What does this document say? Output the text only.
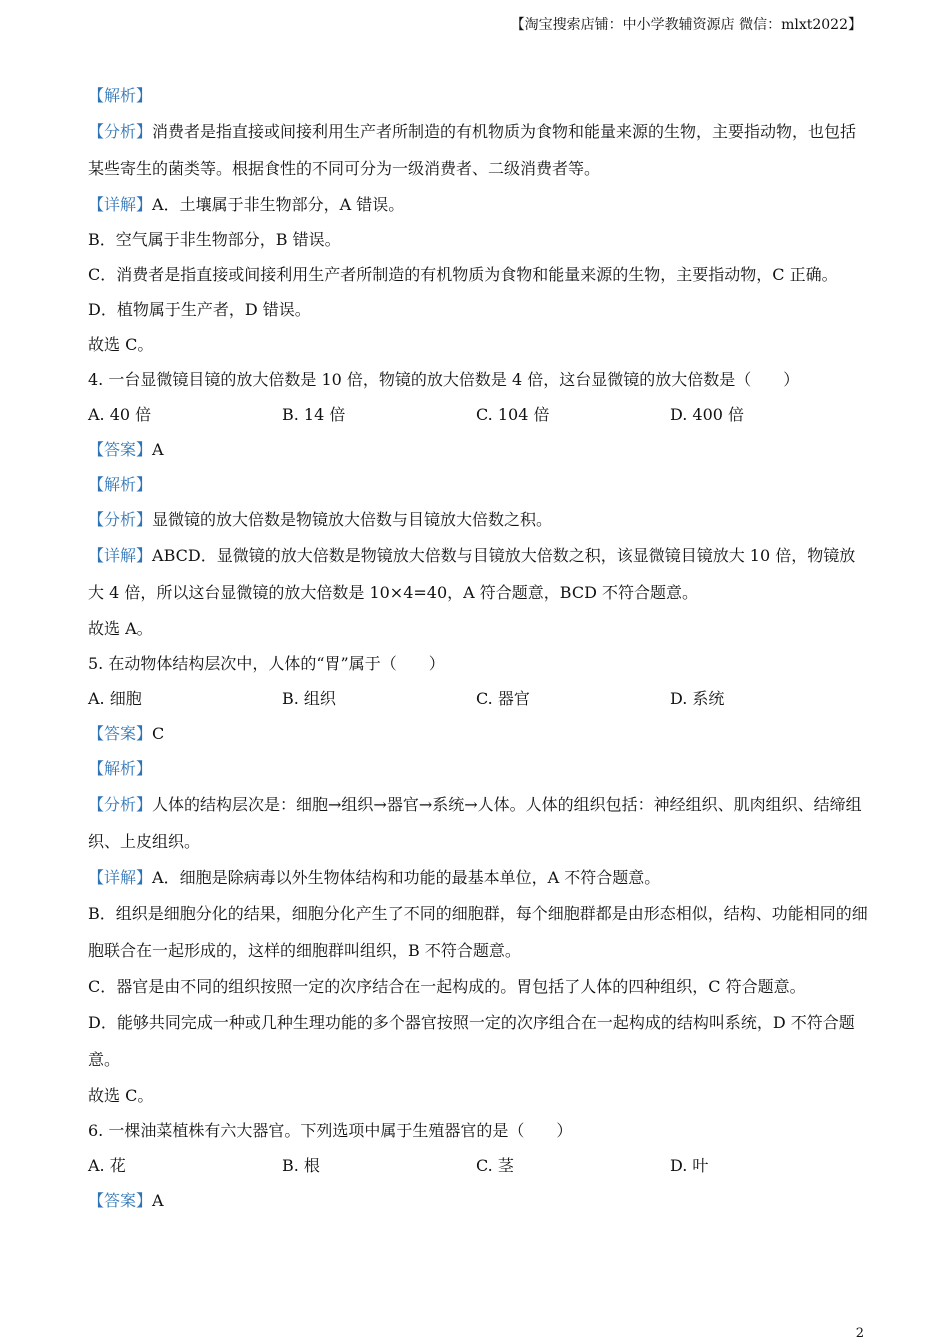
【淘宝搜索店铺：中小学教辅资源店 微信：mlxt2022】
【解析】
【分析】消费者是指直接或间接利用生产者所制造的有机物质为食物和能量来源的生物，主要指动物，也包括某些寄生的菌类等。根据食性的不同可分为一级消费者、二级消费者等。
【详解】A．土壤属于非生物部分，A 错误。
B．空气属于非生物部分，B 错误。
C．消费者是指直接或间接利用生产者所制造的有机物质为食物和能量来源的生物，主要指动物，C 正确。
D．植物属于生产者，D 错误。
故选 C。
4. 一台显微镜目镜的放大倍数是 10 倍，物镜的放大倍数是 4 倍，这台显微镜的放大倍数是（　　）
A. 40 倍	B. 14 倍	C. 104 倍	D. 400 倍
【答案】A
【解析】
【分析】显微镜的放大倍数是物镜放大倍数与目镜放大倍数之积。
【详解】ABCD．显微镜的放大倍数是物镜放大倍数与目镜放大倍数之积，该显微镜目镜放大 10 倍，物镜放大 4 倍，所以这台显微镜的放大倍数是 10×4=40，A 符合题意，BCD 不符合题意。
故选 A。
5. 在动物体结构层次中，人体的“胃”属于（　　）
A. 细胞	B. 组织	C. 器官	D. 系统
【答案】C
【解析】
【分析】人体的结构层次是：细胞→组织→器官→系统→人体。人体的组织包括：神经组织、肌肉组织、结缔组织、上皮组织。
【详解】A．细胞是除病毒以外生物体结构和功能的最基本单位，A 不符合题意。
B．组织是细胞分化的结果，细胞分化产生了不同的细胞群，每个细胞群都是由形态相似，结构、功能相同的细胞联合在一起形成的，这样的细胞群叫组织，B 不符合题意。
C．器官是由不同的组织按照一定的次序结合在一起构成的。胃包括了人体的四种组织，C 符合题意。
D．能够共同完成一种或几种生理功能的多个器官按照一定的次序组合在一起构成的结构叫系统，D 不符合题意。
故选 C。
6. 一棵油菜植株有六大器官。下列选项中属于生殖器官的是（　　）
A. 花	B. 根	C. 茎	D. 叶
【答案】A
2
